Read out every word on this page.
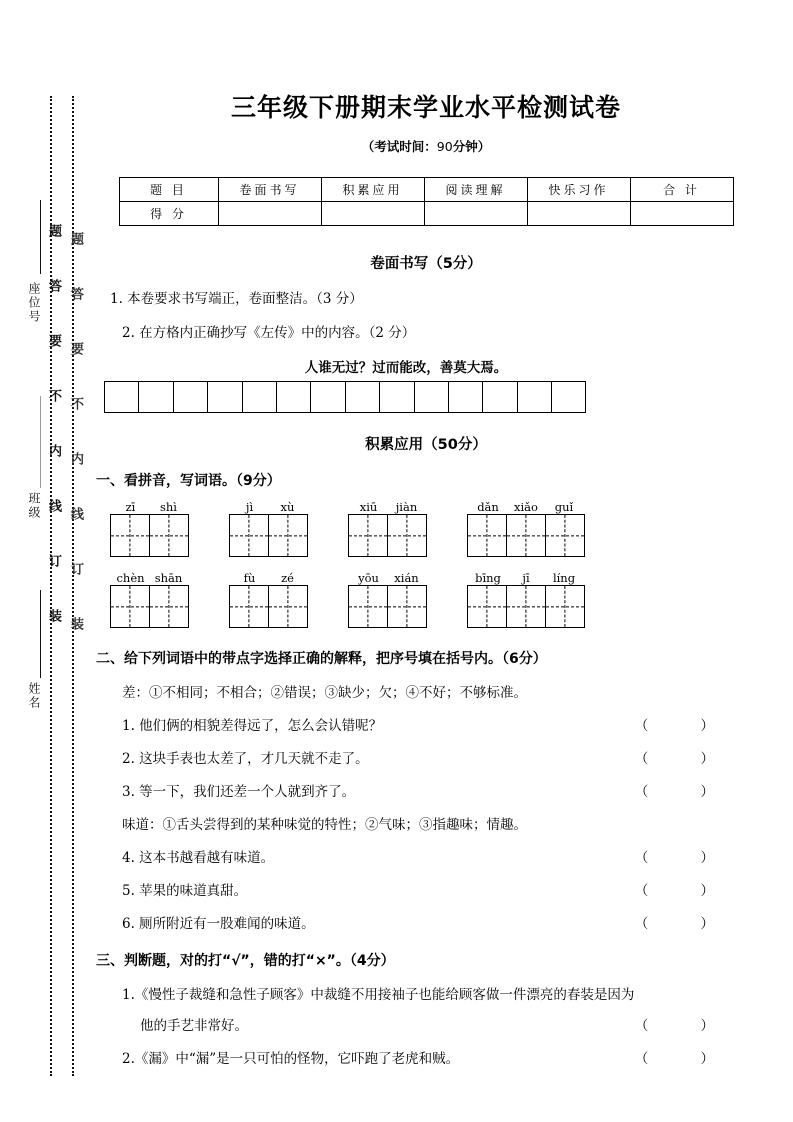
题答要不内线订装 题答要不内线订装
座位号
班级
姓名
三年级下册期末学业水平检测试卷
（考试时间：90分钟）
题 目	卷面书写	积累应用	阅读理解	快乐习作	合 计
得 分					
卷面书写（5分）
1. 本卷要求书写端正，卷面整洁。（3 分）
2. 在方格内正确抄写《左传》中的内容。（2 分）
人谁无过？过而能改，善莫大焉。
积累应用（50分）
一、看拼音，写词语。（9分）
zī	shì	jì	xù	xiū	jiàn	dǎn	xiǎo	guǐ
chèn shān	fù	zé	yōu	xián	bīng	jī	líng
二、给下列词语中的带点字选择正确的解释，把序号填在括号内。（6分）
差：①不相同；不相合；②错误；③缺少；欠；④不好；不够标准。
1. 他们俩的相貌差得远了，怎么会认错呢？	（ ）
2. 这块手表也太差了，才几天就不走了。	（ ）
3. 等一下，我们还差一个人就到齐了。	（ ）
味道：①舌头尝得到的某种味觉的特性；②气味；③指趣味；情趣。
4. 这本书越看越有味道。	（ ）
5. 苹果的味道真甜。	（ ）
6. 厕所附近有一股难闻的味道。	（ ）
三、判断题，对的打“√”，错的打“×”。（4分）
1.《慢性子裁缝和急性子顾客》中裁缝不用接袖子也能给顾客做一件漂亮的春装是因为
他的手艺非常好。	（ ）
2.《漏》中“漏”是一只可怕的怪物，它吓跑了老虎和贼。	（ ）
